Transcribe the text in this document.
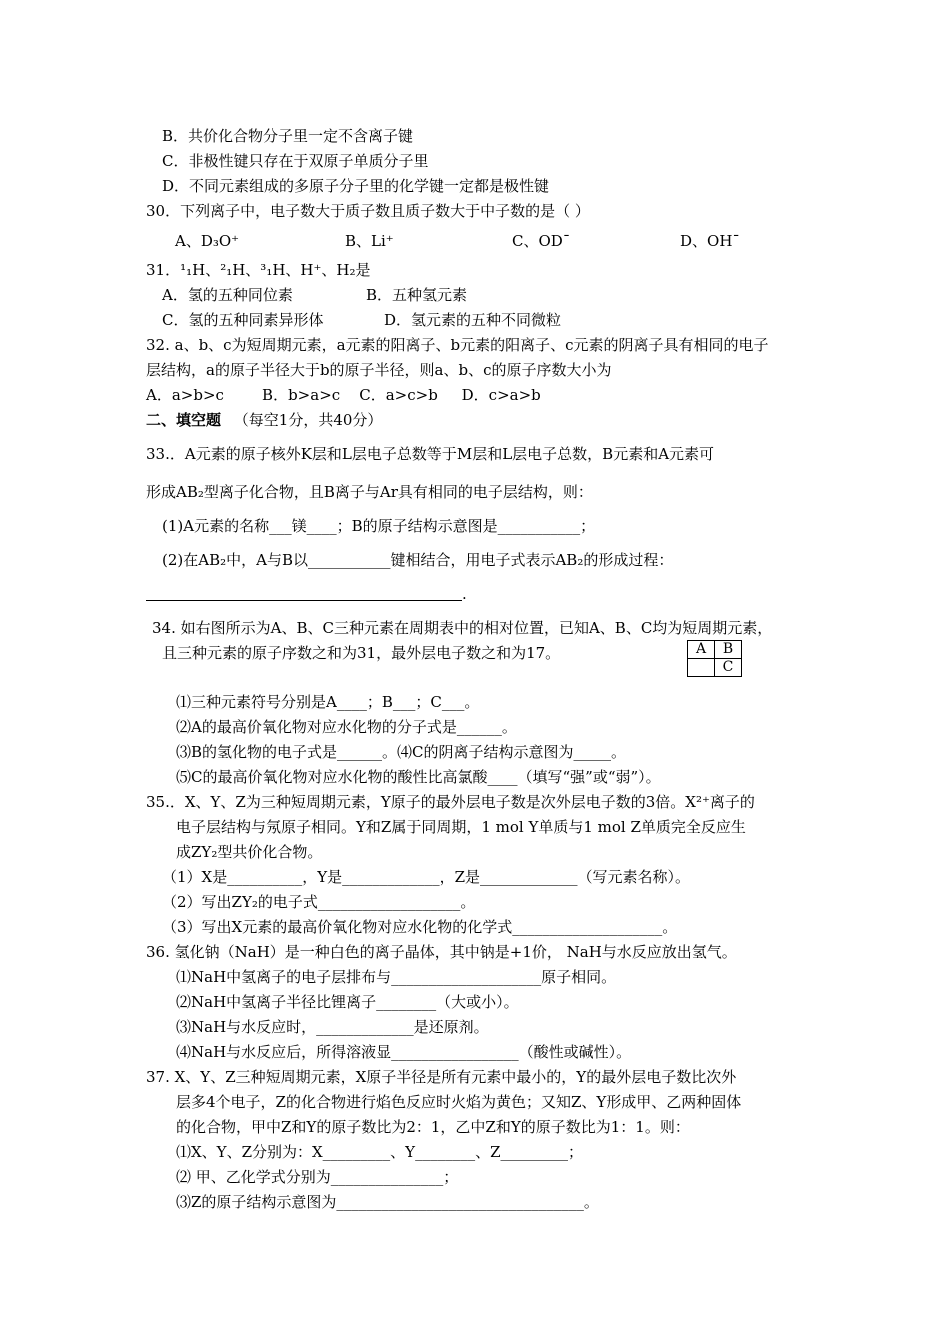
B．共价化合物分子里一定不含离子键
C．非极性键只存在于双原子单质分子里
D．不同元素组成的多原子分子里的化学键一定都是极性键
30．下列离子中，电子数大于质子数且质子数大于中子数的是（ ）
A、D₃O⁺	B、Li⁺	C、OD¯	D、OH¯
31．¹₁H、²₁H、³₁H、H⁺、H₂是
A．氢的五种同位素	B．五种氢元素
C．氢的五种同素异形体	D．氢元素的五种不同微粒
32. a、b、c为短周期元素，a元素的阳离子、b元素的阳离子、c元素的阴离子具有相同的电子
层结构，a的原子半径大于b的原子半径，则a、b、c的原子序数大小为
A．a>b>c        B．b>a>c    C．a>c>b     D．c>a>b
二、填空题 （每空1分，共40分）
33.．A元素的原子核外K层和L层电子总数等于M层和L层电子总数，B元素和A元素可
形成AB₂型离子化合物，且B离子与Ar具有相同的电子层结构，则：
(1)A元素的名称___镁____；B的原子结构示意图是___________；
(2)在AB₂中，A与B以___________键相结合，用电子式表示AB₂的形成过程：
.
34. 如右图所示为A、B、C三种元素在周期表中的相对位置，已知A、B、C均为短周期元素，
且三种元素的原子序数之和为31，最外层电子数之和为17。	A	B
	C
⑴三种元素符号分别是A____；B___；C___。
⑵A的最高价氧化物对应水化物的分子式是______。
⑶B的氢化物的电子式是______。⑷C的阴离子结构示意图为_____。
⑸C的最高价氧化物对应水化物的酸性比高氯酸____（填写“强”或“弱”）。
35.．X、Y、Z为三种短周期元素，Y原子的最外层电子数是次外层电子数的3倍。X²⁺离子的
电子层结构与氖原子相同。Y和Z属于同周期，1 mol Y单质与1 mol Z单质完全反应生
成ZY₂型共价化合物。
（1）X是__________，Y是_____________，Z是_____________（写元素名称）。
（2）写出ZY₂的电子式___________________。
（3）写出X元素的最高价氧化物对应水化物的化学式____________________。
36. 氢化钠（NaH）是一种白色的离子晶体，其中钠是+1价， NaH与水反应放出氢气。
⑴NaH中氢离子的电子层排布与____________________原子相同。
⑵NaH中氢离子半径比锂离子________（大或小）。
⑶NaH与水反应时，_____________是还原剂。
⑷NaH与水反应后，所得溶液显_________________（酸性或碱性）。
37. X、Y、Z三种短周期元素，X原子半径是所有元素中最小的，Y的最外层电子数比次外
层多4个电子，Z的化合物进行焰色反应时火焰为黄色；又知Z、Y形成甲、乙两种固体
的化合物，甲中Z和Y的原子数比为2：1，乙中Z和Y的原子数比为1：1。则：
⑴X、Y、Z分别为：X_________、Y________、Z_________；
⑵ 甲、乙化学式分别为_______________；
⑶Z的原子结构示意图为_________________________________。
